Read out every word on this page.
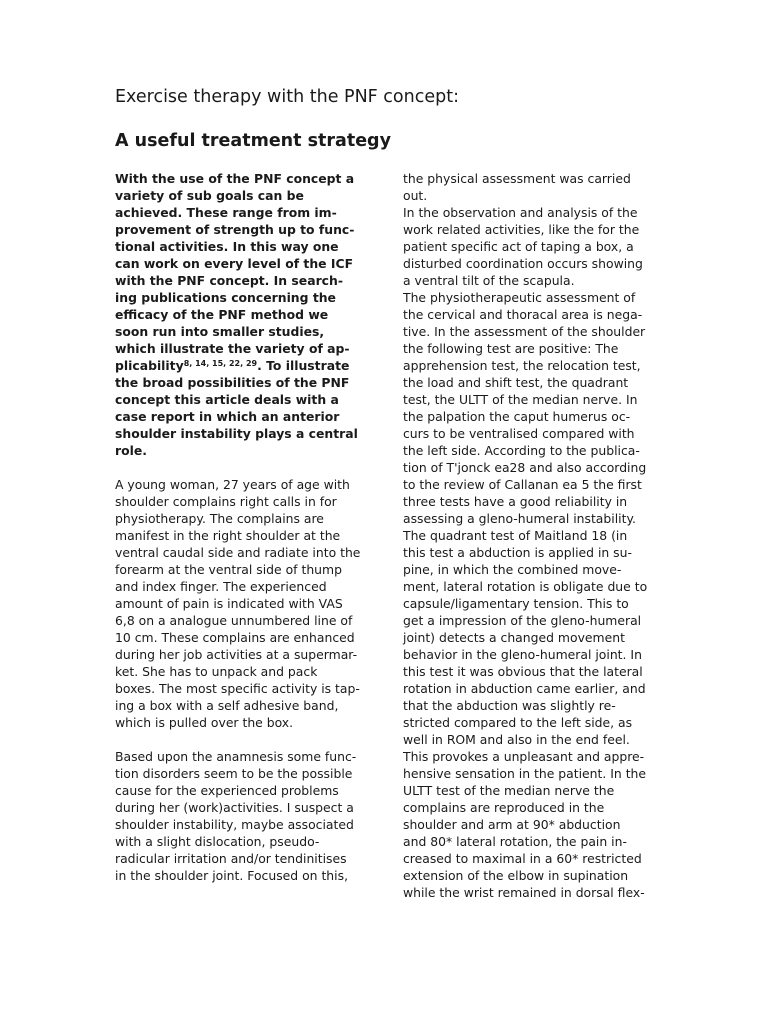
Exercise therapy with the PNF concept:
A useful treatment strategy
With the use of the PNF concept a
variety of sub goals can be
achieved. These range from im-
provement of strength up to func-
tional activities. In this way one
can work on every level of the ICF
with the PNF concept. In search-
ing publications concerning the
efficacy of the PNF method we
soon run into smaller studies,
which illustrate the variety of ap-
plicability$^{8, 14, 15, 22, 29}$. To illustrate
the broad possibilities of the PNF
concept this article deals with a
case report in which an anterior
shoulder instability plays a central
role.
A young woman, 27 years of age with
shoulder complains right calls in for
physiotherapy. The complains are
manifest in the right shoulder at the
ventral caudal side and radiate into the
forearm at the ventral side of thump
and index finger. The experienced
amount of pain is indicated with VAS
6,8 on a analogue unnumbered line of
10 cm. These complains are enhanced
during her job activities at a supermar-
ket. She has to unpack and pack
boxes. The most specific activity is tap-
ing a box with a self adhesive band,
which is pulled over the box.
Based upon the anamnesis some func-
tion disorders seem to be the possible
cause for the experienced problems
during her (work)activities. I suspect a
shoulder instability, maybe associated
with a slight dislocation, pseudo-
radicular irritation and/or tendinitises
in the shoulder joint. Focused on this,
the physical assessment was carried
out.
In the observation and analysis of the
work related activities, like the for the
patient specific act of taping a box, a
disturbed coordination occurs showing
a ventral tilt of the scapula.
The physiotherapeutic assessment of
the cervical and thoracal area is nega-
tive. In the assessment of the shoulder
the following test are positive: The
apprehension test, the relocation test,
the load and shift test, the quadrant
test, the ULTT of the median nerve. In
the palpation the caput humerus oc-
curs to be ventralised compared with
the left side. According to the publica-
tion of T'jonck ea28 and also according
to the review of Callanan ea 5 the first
three tests have a good reliability in
assessing a gleno-humeral instability.
The quadrant test of Maitland 18 (in
this test a abduction is applied in su-
pine, in which the combined move-
ment, lateral rotation is obligate due to
capsule/ligamentary tension. This to
get a impression of the gleno-humeral
joint) detects a changed movement
behavior in the gleno-humeral joint. In
this test it was obvious that the lateral
rotation in abduction came earlier, and
that the abduction was slightly re-
stricted compared to the left side, as
well in ROM and also in the end feel.
This provokes a unpleasant and appre-
hensive sensation in the patient. In the
ULTT test of the median nerve the
complains are reproduced in the
shoulder and arm at 90* abduction
and 80* lateral rotation, the pain in-
creased to maximal in a 60* restricted
extension of the elbow in supination
while the wrist remained in dorsal flex-
